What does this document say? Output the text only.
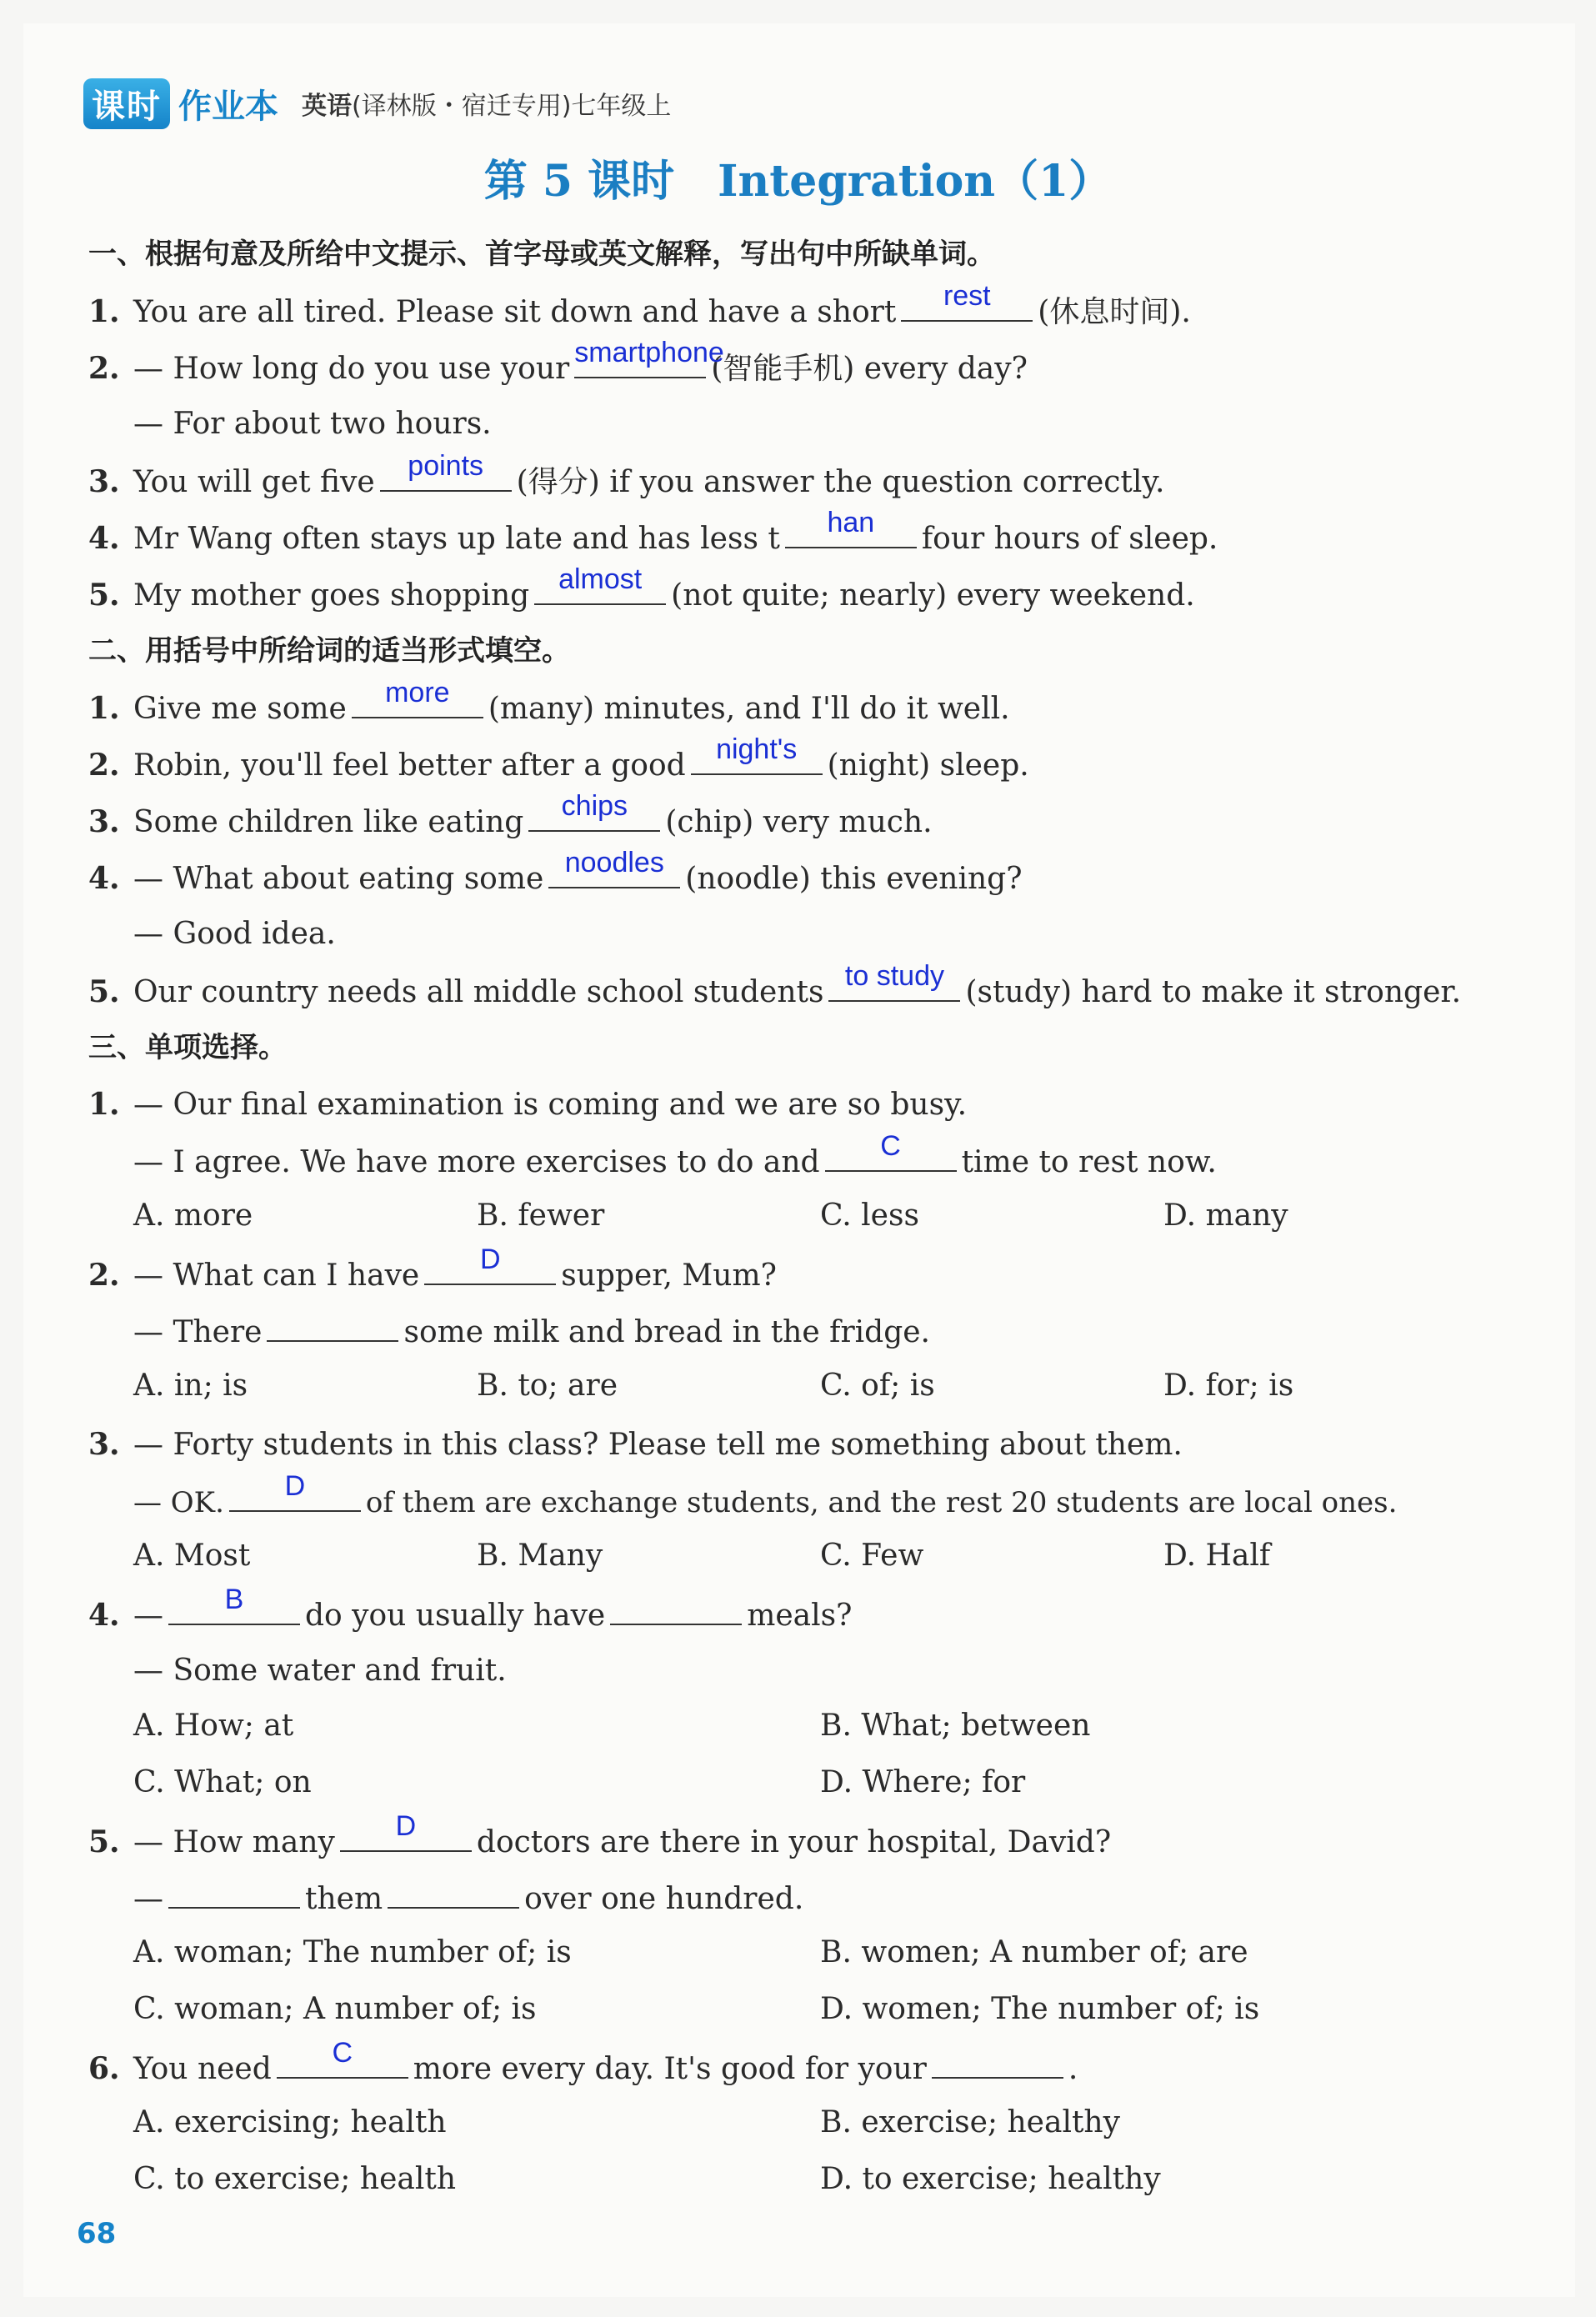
课时 作业本 英语(译林版・宿迁专用)七年级上
第 5 课时　Integration（1）
一、根据句意及所给中文提示、首字母或英文解释，写出句中所缺单词。
1. You are all tired. Please sit down and have a short	rest	(休息时间).
2. — How long do you use your smartphone
(智能手机) every day?
— For about two hours.
3. You will get five	points	(得分) if you answer the question correctly.
4. Mr Wang often stays up late and has less t	han	four hours of sleep.
5. My mother goes shopping	almost (not quite; nearly) every weekend.
二、用括号中所给词的适当形式填空。
1. Give me some	more	(many) minutes, and I'll do it well.
2. Robin, you'll feel better after a good	night's	(night) sleep.
3. Some children like eating	chips	(chip) very much.
4. — What about eating some noodles (noodle) this evening?
— Good idea.
5. Our country needs all middle school students to study (study) hard to make it stronger.
三、单项选择。
1. — Our final examination is coming and we are so busy.
— I agree. We have more exercises to do and	C	time to rest now.
A. more	B. fewer	C. less	D. many
2. — What can I have	D	supper, Mum?
— There	some milk and bread in the fridge.
A. in; is	B. to; are	C. of; is	D. for; is
3. — Forty students in this class? Please tell me something about them.
— OK.	D	of them are exchange students, and the rest 20 students are local ones.
A. Most	B. Many	C. Few	D. Half
4. —	B	do you usually have	meals?
— Some water and fruit.
A. How; at	B. What; between
C. What; on	D. Where; for
5. — How many	D	doctors are there in your hospital, David?
—	them	over one hundred.
A. woman; The number of; is	B. women; A number of; are
C. woman; A number of; is	D. women; The number of; is
6. You need	C	more every day. It's good for your	.
A. exercising; health	B. exercise; healthy
C. to exercise; health	D. to exercise; healthy
68
